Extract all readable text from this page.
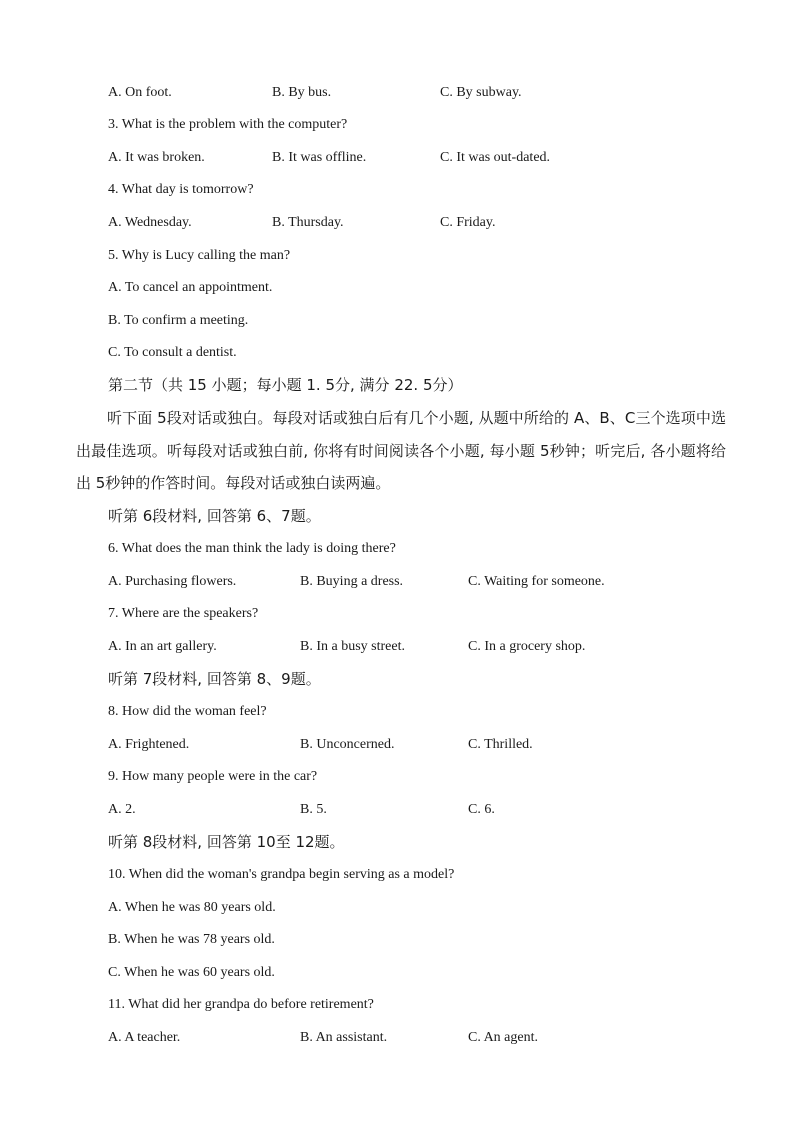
A. On foot.	B. By bus.	C. By subway.
3. What is the problem with the computer?
A. It was broken.	B. It was offline.	C. It was out-dated.
4. What day is tomorrow?
A. Wednesday.	B. Thursday.	C. Friday.
5. Why is Lucy calling the man?
A. To cancel an appointment.
B. To confirm a meeting.
C. To consult a dentist.
第二节（共 15 小题；每小题 1. 5分, 满分 22. 5分）
听下面 5段对话或独白。每段对话或独白后有几个小题, 从题中所给的 A、B、C三个选项中选出最佳选项。听每段对话或独白前, 你将有时间阅读各个小题, 每小题 5秒钟；听完后, 各小题将给出 5秒钟的作答时间。每段对话或独白读两遍。
听第 6段材料, 回答第 6、7题。
6. What does the man think the lady is doing there?
A. Purchasing flowers.	B. Buying a dress.	C. Waiting for someone.
7. Where are the speakers?
A. In an art gallery.	B. In a busy street.	C. In a grocery shop.
听第 7段材料, 回答第 8、9题。
8. How did the woman feel?
A. Frightened.	B. Unconcerned.	C. Thrilled.
9. How many people were in the car?
A. 2.	B. 5.	C. 6.
听第 8段材料, 回答第 10至 12题。
10. When did the woman's grandpa begin serving as a model?
A. When he was 80 years old.
B. When he was 78 years old.
C. When he was 60 years old.
11. What did her grandpa do before retirement?
A. A teacher.	B. An assistant.	C. An agent.
